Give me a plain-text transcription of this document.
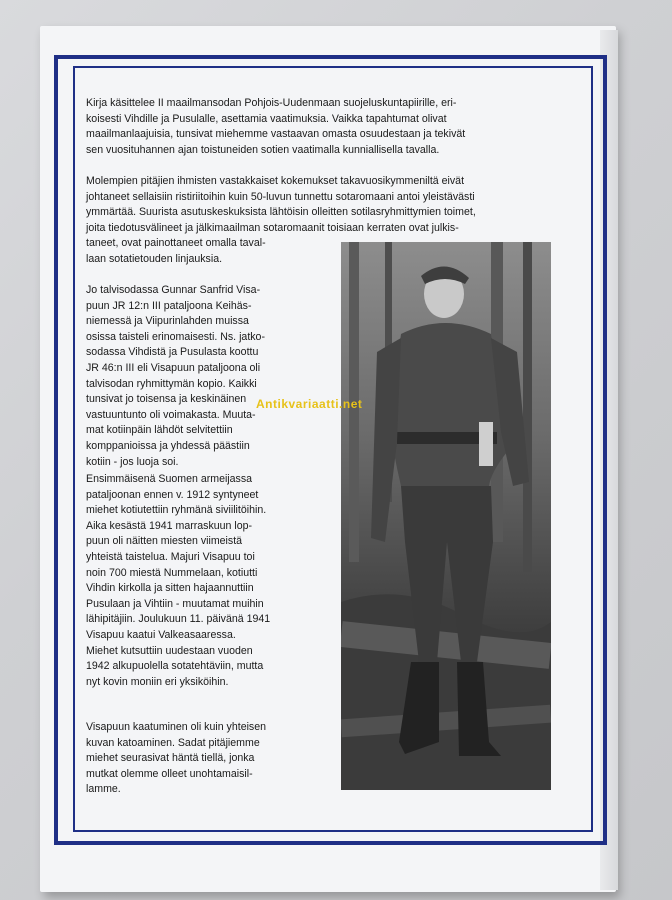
Kirja käsittelee II maailmansodan Pohjois-Uudenmaan suojeluskuntapiirille, eri-
koisesti Vihdille ja Pusulalle, asettamia vaatimuksia. Vaikka tapahtumat olivat
maailmanlaajuisia, tunsivat miehemme vastaavan omasta osuudestaan ja tekivät
sen vuosituhannen ajan toistuneiden sotien vaatimalla kunniallisella tavalla.
Molempien pitäjien ihmisten vastakkaiset kokemukset takavuosikymmeniltä eivät
johtaneet sellaisiin ristiriitoihin kuin 50-luvun tunnettu sotaromaani antoi yleistävästi
ymmärtää. Suurista asutuskeskuksista lähtöisin olleitten sotilasryhmittymien toimet,
joita tiedotusvälineet ja jälkimaailman sotaromaanit toisiaan kerraten ovat julkis-
taneet, ovat painottaneet omalla taval-
laan sotatietouden linjauksia.
Jo talvisodassa Gunnar Sanfrid Visa-
puun JR 12:n III pataljoona Keihäs-
niemessä ja Viipurinlahden muissa
osissa taisteli erinomaisesti. Ns. jatko-
sodassa Vihdistä ja Pusulasta koottu
JR 46:n III eli Visapuun pataljoona oli
talvisodan ryhmittymän kopio. Kaikki
tunsivat jo toisensa ja keskinäinen
vastuuntunto oli voimakasta. Muuta-
mat kotiinpäin lähdöt selvitettiin
komppanioissa ja yhdessä päästiin
kotiin - jos luoja soi.
Ensimmäisenä Suomen armeijassa
pataljoonan ennen v. 1912 syntyneet
miehet kotiutettiin ryhmänä siviilitöihin.
Aika kesästä 1941 marraskuun lop-
puun oli näitten miesten viimeistä
yhteistä taistelua. Majuri Visapuu toi
noin 700 miestä Nummelaan, kotiutti
Vihdin kirkolla ja sitten hajaannuttiin
Pusulaan ja Vihtiin - muutamat muihin
lähipitäjiin. Joulukuun 11. päivänä 1941
Visapuu kaatui Valkeasaaressa.
Miehet kutsuttiin uudestaan vuoden
1942 alkupuolella sotatehtäviin, mutta
nyt kovin moniin eri yksiköihin.
Visapuun kaatuminen oli kuin yhteisen
kuvan katoaminen. Sadat pitäjiemme
miehet seurasivat häntä tiellä, jonka
mutkat olemme olleet unohtamaisil-
lamme.
Antikvariaatti.net
